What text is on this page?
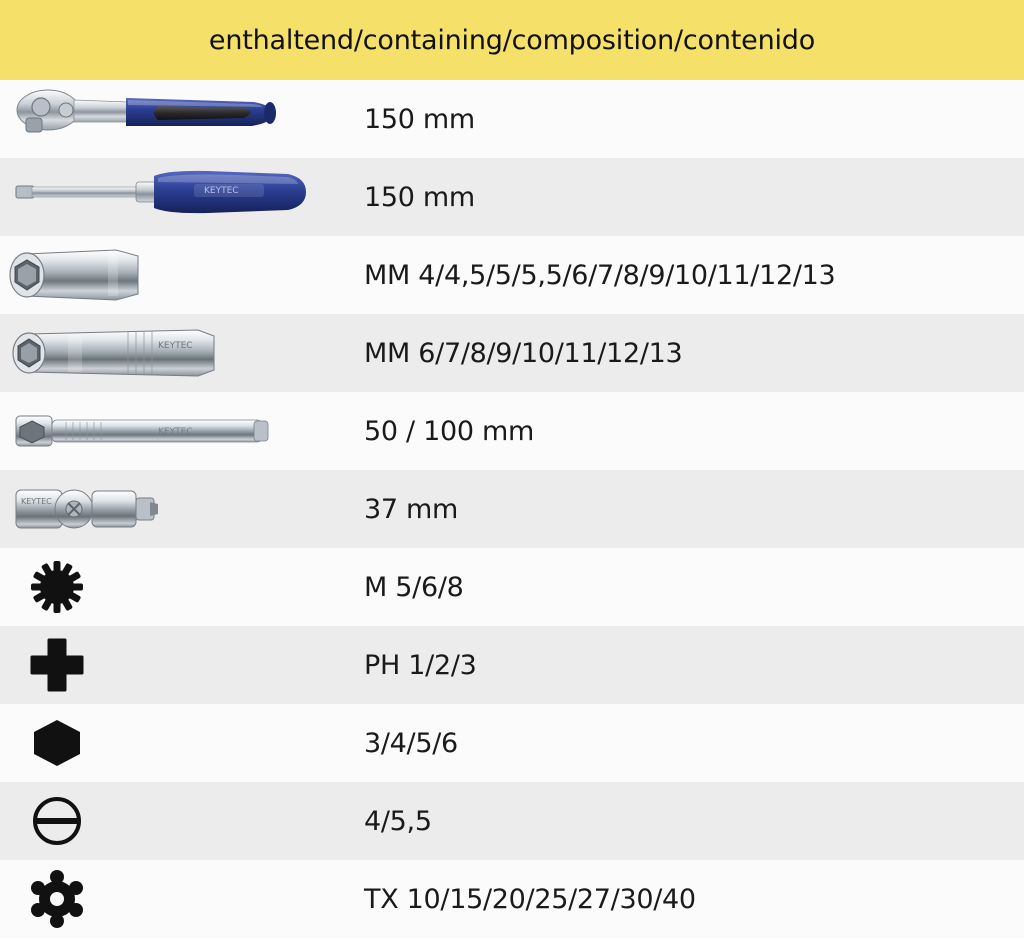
enthaltend/containing/composition/contenido
150 mm
KEYTEC	150 mm
MM 4/4,5/5/5,5/6/7/8/9/10/11/12/13
KEYTEC	MM 6/7/8/9/10/11/12/13
KEYTEC	50 / 100 mm
KEYTEC	37 mm
M 5/6/8
PH 1/2/3
3/4/5/6
4/5,5
TX 10/15/20/25/27/30/40
